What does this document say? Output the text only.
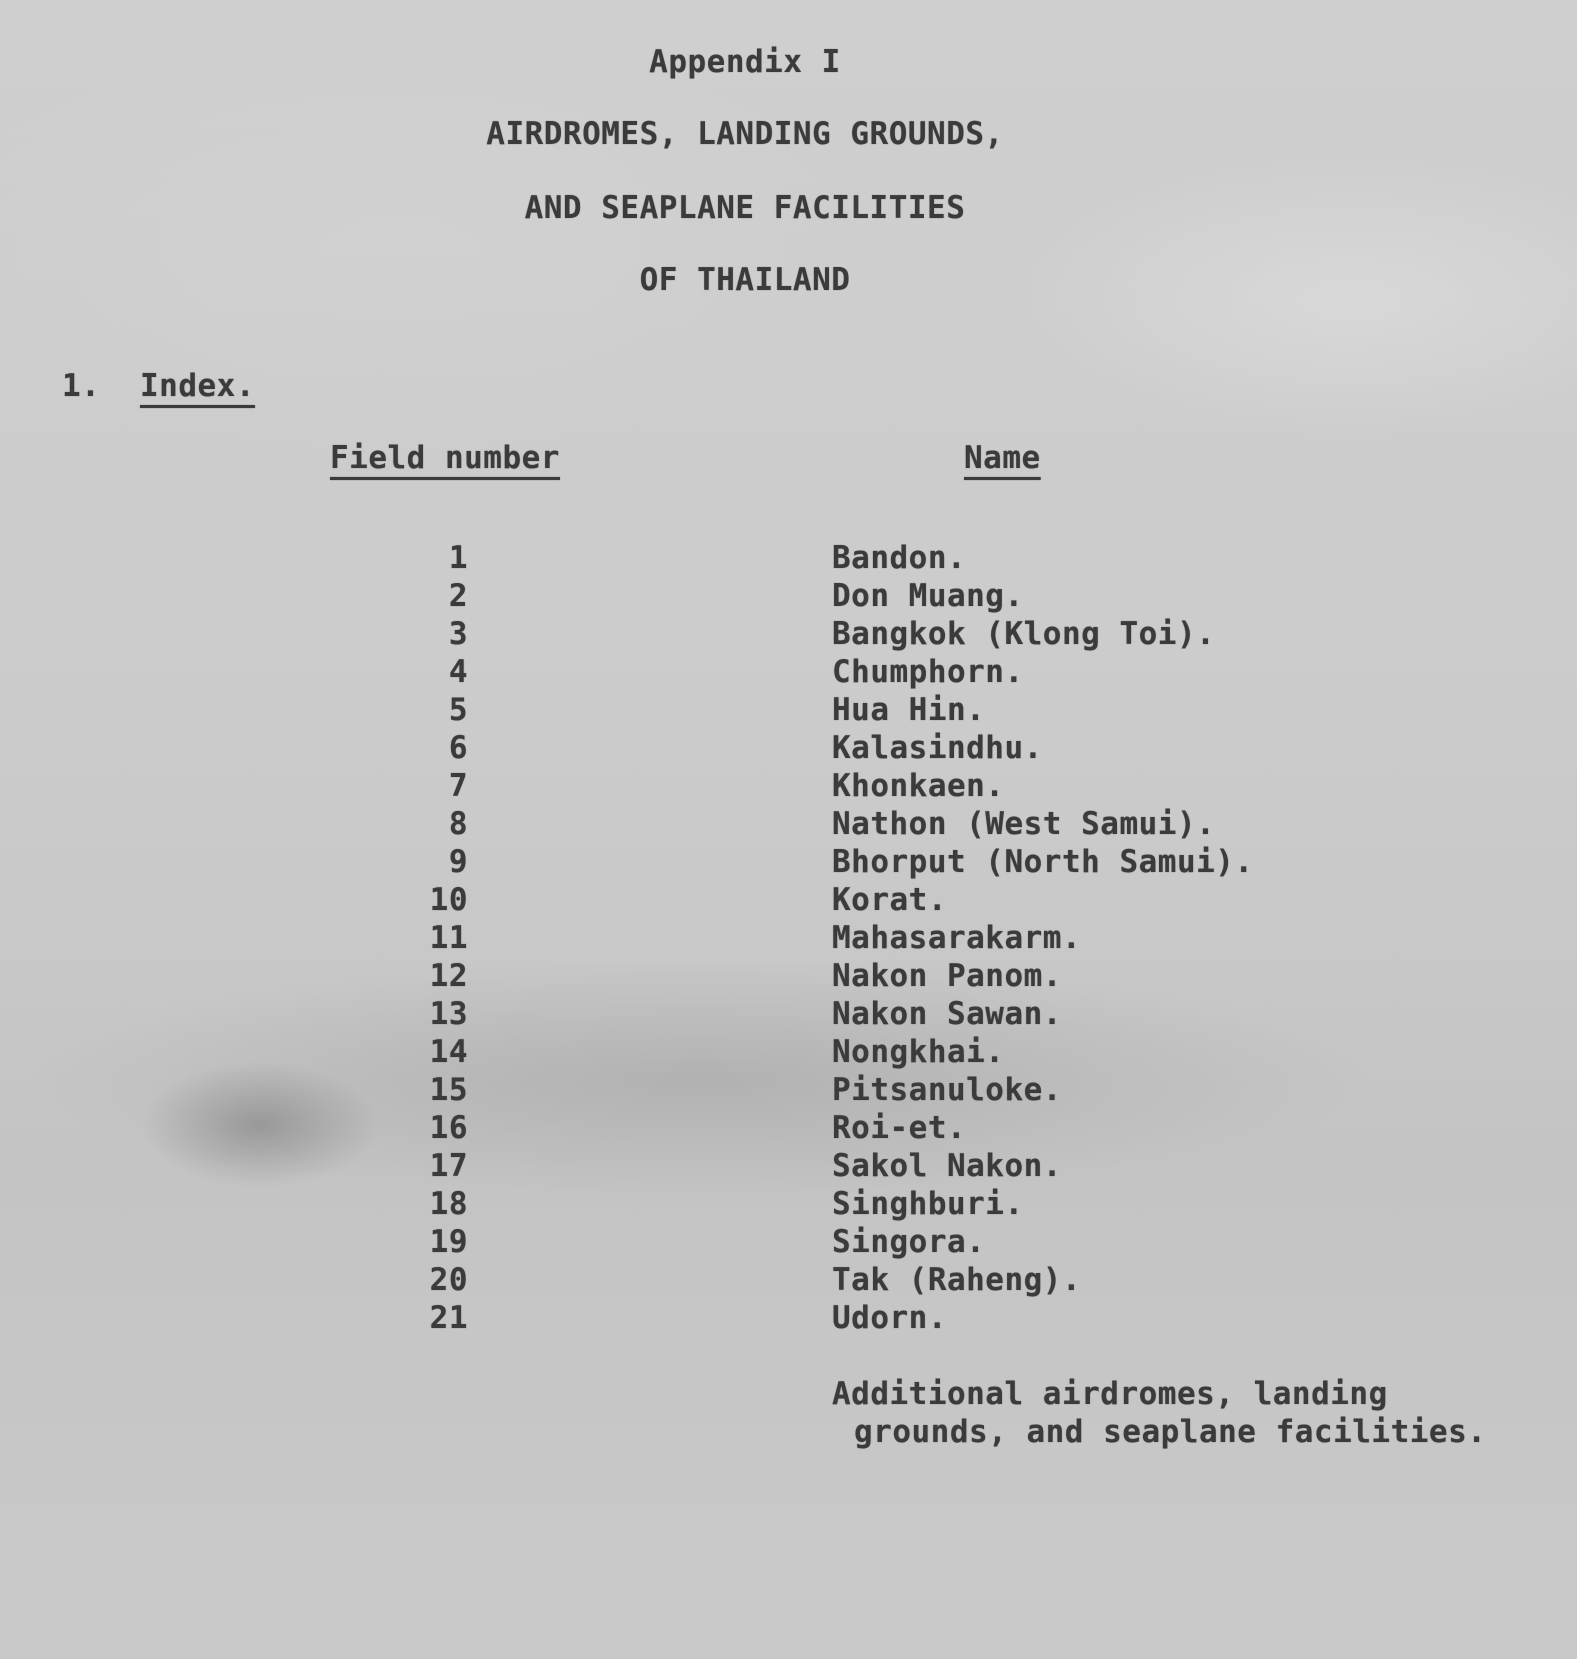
Appendix I
AIRDROMES, LANDING GROUNDS,
AND SEAPLANE FACILITIES
OF THAILAND
1. Index.
Field number	Name
1	Bandon.
2	Don Muang.
3	Bangkok (Klong Toi).
4	Chumphorn.
5	Hua Hin.
6	Kalasindhu.
7	Khonkaen.
8	Nathon (West Samui).
9	Bhorput (North Samui).
10	Korat.
11	Mahasarakarm.
12	Nakon Panom.
13	Nakon Sawan.
14	Nongkhai.
15	Pitsanuloke.
16	Roi-et.
17	Sakol Nakon.
18	Singhburi.
19	Singora.
20	Tak (Raheng).
21	Udorn.
Additional airdromes, landing
grounds, and seaplane facilities.
